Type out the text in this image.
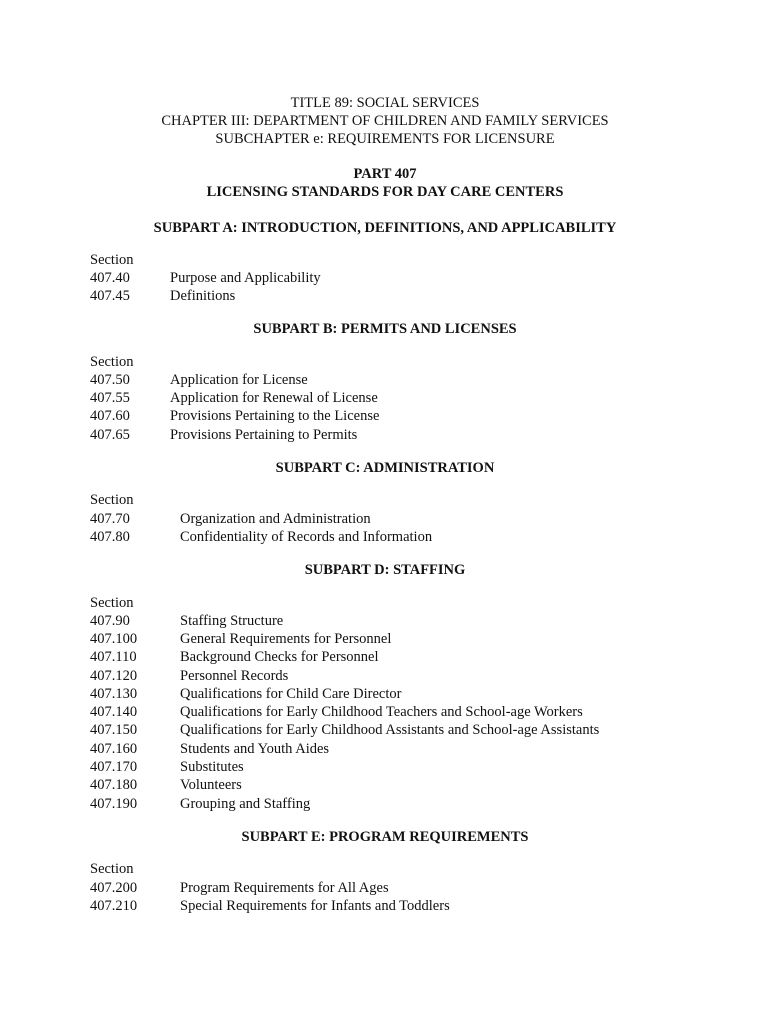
TITLE 89: SOCIAL SERVICES
CHAPTER III: DEPARTMENT OF CHILDREN AND FAMILY SERVICES
SUBCHAPTER e: REQUIREMENTS FOR LICENSURE
PART 407
LICENSING STANDARDS FOR DAY CARE CENTERS
SUBPART A: INTRODUCTION, DEFINITIONS, AND APPLICABILITY
Section
407.40	Purpose and Applicability
407.45	Definitions
SUBPART B: PERMITS AND LICENSES
Section
407.50	Application for License
407.55	Application for Renewal of License
407.60	Provisions Pertaining to the License
407.65	Provisions Pertaining to Permits
SUBPART C: ADMINISTRATION
Section
407.70	Organization and Administration
407.80	Confidentiality of Records and Information
SUBPART D: STAFFING
Section
407.90	Staffing Structure
407.100	General Requirements for Personnel
407.110	Background Checks for Personnel
407.120	Personnel Records
407.130	Qualifications for Child Care Director
407.140	Qualifications for Early Childhood Teachers and School-age Workers
407.150	Qualifications for Early Childhood Assistants and School-age Assistants
407.160	Students and Youth Aides
407.170	Substitutes
407.180	Volunteers
407.190	Grouping and Staffing
SUBPART E: PROGRAM REQUIREMENTS
Section
407.200	Program Requirements for All Ages
407.210	Special Requirements for Infants and Toddlers
